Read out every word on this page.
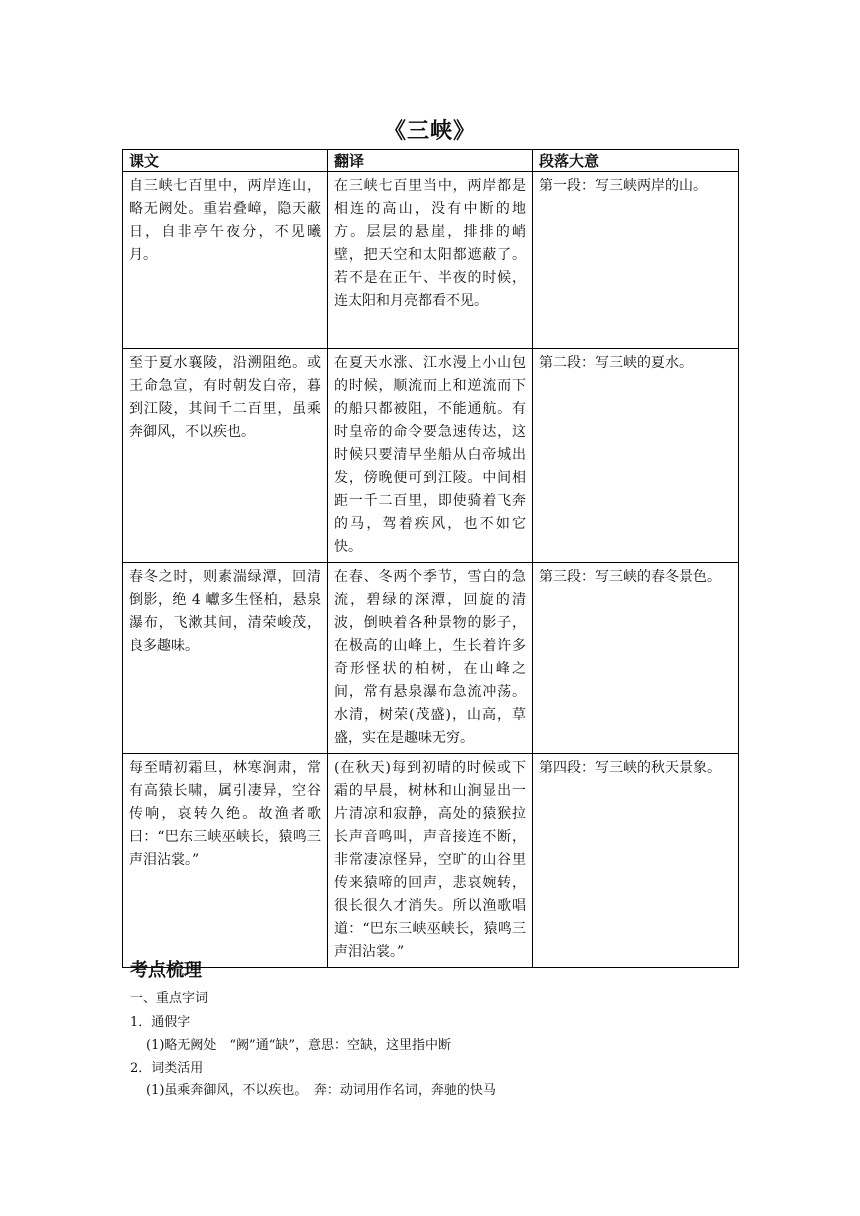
《三峡》
课文	翻译	段落大意
自三峡七百里中，两岸连山，略无阙处。重岩叠嶂，隐天蔽日，自非亭午夜分，不见曦月。	在三峡七百里当中，两岸都是相连的高山，没有中断的地方。层层的悬崖，排排的峭壁，把天空和太阳都遮蔽了。若不是在正午、半夜的时候，连太阳和月亮都看不见。	第一段：写三峡两岸的山。
至于夏水襄陵，沿溯阻绝。或王命急宣，有时朝发白帝，暮到江陵，其间千二百里，虽乘奔御风，不以疾也。	在夏天水涨、江水漫上小山包的时候，顺流而上和逆流而下的船只都被阻，不能通航。有时皇帝的命令要急速传达，这时候只要清早坐船从白帝城出发，傍晚便可到江陵。中间相距一千二百里，即使骑着飞奔的马，驾着疾风，也不如它快。	第二段：写三峡的夏水。
春冬之时，则素湍绿潭，回清倒影，绝 4 巘多生怪柏，悬泉瀑布，飞漱其间，清荣峻茂，良多趣味。	在春、冬两个季节，雪白的急流，碧绿的深潭，回旋的清波，倒映着各种景物的影子，在极高的山峰上，生长着许多奇形怪状的柏树，在山峰之间，常有悬泉瀑布急流冲荡。水清，树荣(茂盛)，山高，草盛，实在是趣味无穷。	第三段：写三峡的春冬景色。
每至晴初霜旦，林寒涧肃，常有高猿长啸，属引凄异，空谷传响，哀转久绝。故渔者歌曰：“巴东三峡巫峡长，猿鸣三声泪沾裳。”	(在秋天)每到初晴的时候或下霜的早晨，树林和山涧显出一片清凉和寂静，高处的猿猴拉长声音鸣叫，声音接连不断，非常凄凉怪异，空旷的山谷里传来猿啼的回声，悲哀婉转，很长很久才消失。所以渔歌唱道：“巴东三峡巫峡长，猿鸣三声泪沾裳。”	第四段：写三峡的秋天景象。
考点梳理
一、重点字词
1．通假字
(1)略无阙处　“阙”通“缺”，意思：空缺，这里指中断
2．词类活用
(1)虽乘奔御风，不以疾也。　奔：动词用作名词，奔驰的快马
